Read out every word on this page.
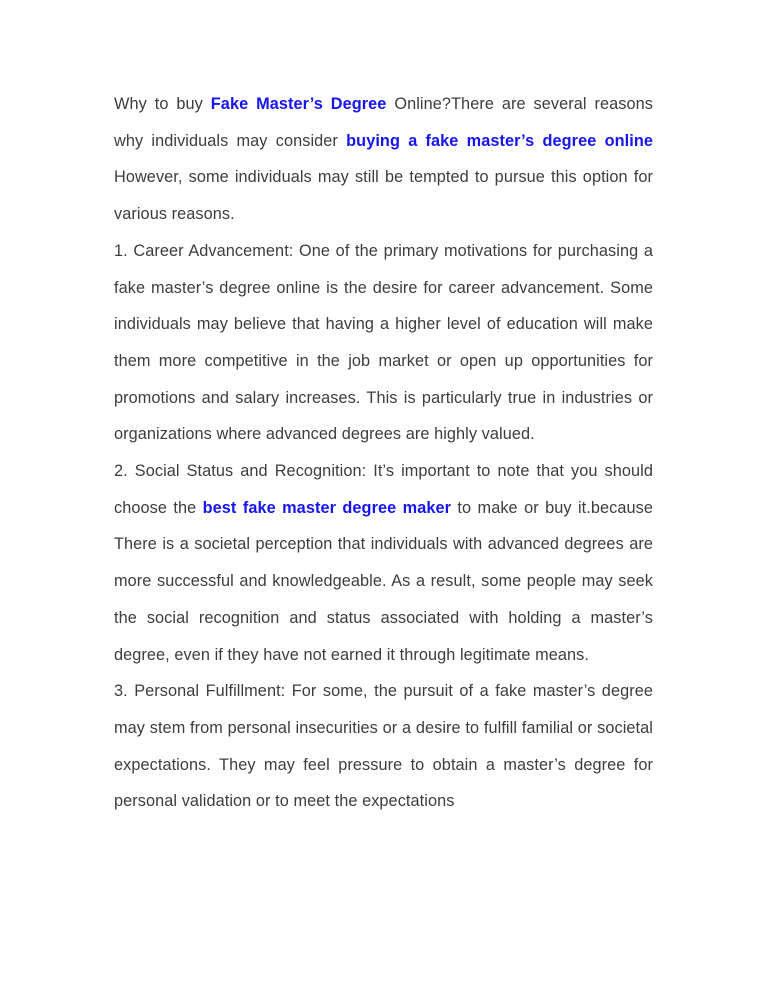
Why to buy Fake Master’s Degree Online?There are several reasons why individuals may consider buying a fake master’s degree online However, some individuals may still be tempted to pursue this option for various reasons.

1. Career Advancement: One of the primary motivations for purchasing a fake master’s degree online is the desire for career advancement. Some individuals may believe that having a higher level of education will make them more competitive in the job market or open up opportunities for promotions and salary increases. This is particularly true in industries or organizations where advanced degrees are highly valued.

2. Social Status and Recognition: It’s important to note that you should choose the best fake master degree maker to make or buy it.because There is a societal perception that individuals with advanced degrees are more successful and knowledgeable. As a result, some people may seek the social recognition and status associated with holding a master’s degree, even if they have not earned it through legitimate means.

3. Personal Fulfillment: For some, the pursuit of a fake master’s degree may stem from personal insecurities or a desire to fulfill familial or societal expectations. They may feel pressure to obtain a master’s degree for personal validation or to meet the expectations
